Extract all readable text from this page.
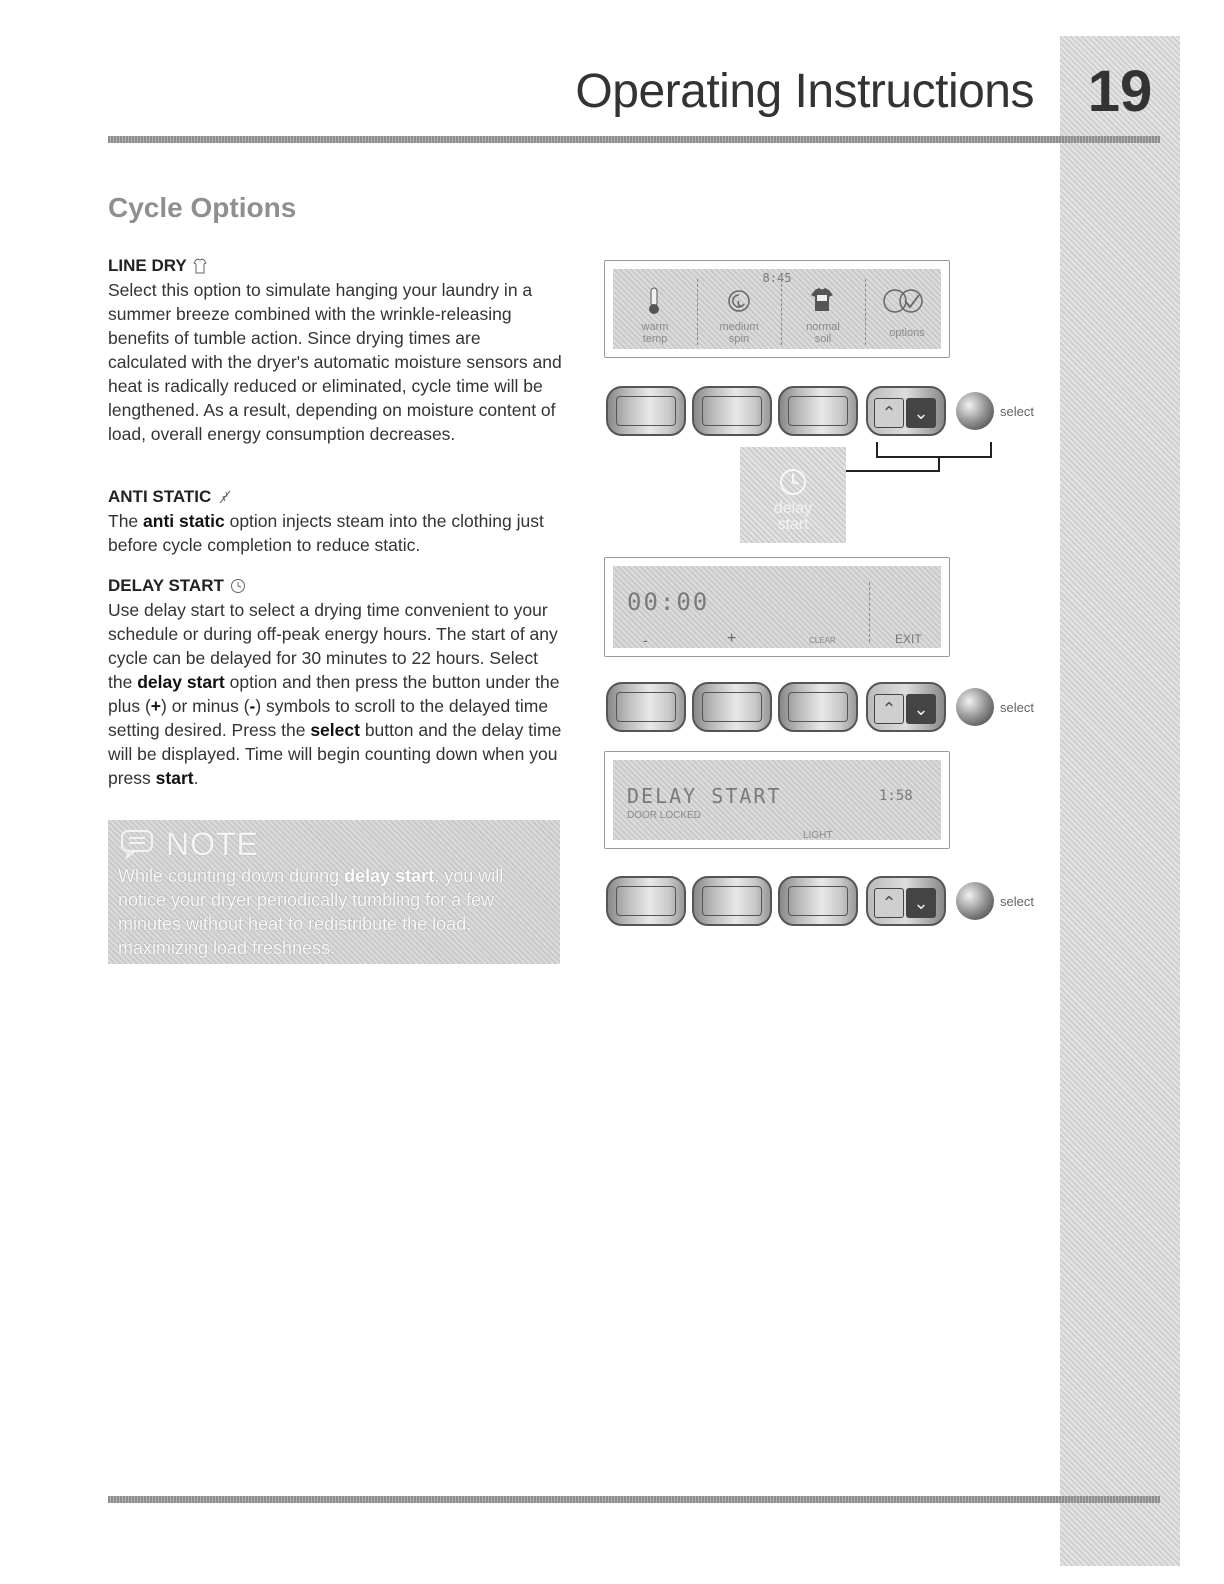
19
Operating Instructions
Cycle Options
LINE DRY

Select this option to simulate hanging your laundry in a summer breeze combined with the wrinkle-releasing benefits of tumble action. Since drying times are calculated with the dryer's automatic moisture sensors and heat is radically reduced or eliminated, cycle time will be lengthened. As a result, depending on moisture content of load, overall energy consumption decreases.

ANTI STATIC

The anti static option injects steam into the clothing just before cycle completion to reduce static.

DELAY START

Use delay start to select a drying time convenient to your schedule or during off-peak energy hours. The start of any cycle can be delayed for 30 minutes to 22 hours. Select the delay start option and then press the button under the plus (+) or minus (-) symbols to scroll to the delayed time setting desired. Press the select button and the delay time will be displayed. Time will begin counting down when you press start.

NOTE
While counting down during delay start, you will notice your dryer periodically tumbling for a few minutes without heat to redistribute the load, maximizing load freshness.
8:45
warm
temp
medium
spin
normal
soil	options
⌃ ⌄	select
delay
start
00:00
-	+	CLEAR	EXIT
⌃ ⌄	select
DELAY START	1:58
DOOR LOCKED
LIGHT
⌃ ⌄	select
